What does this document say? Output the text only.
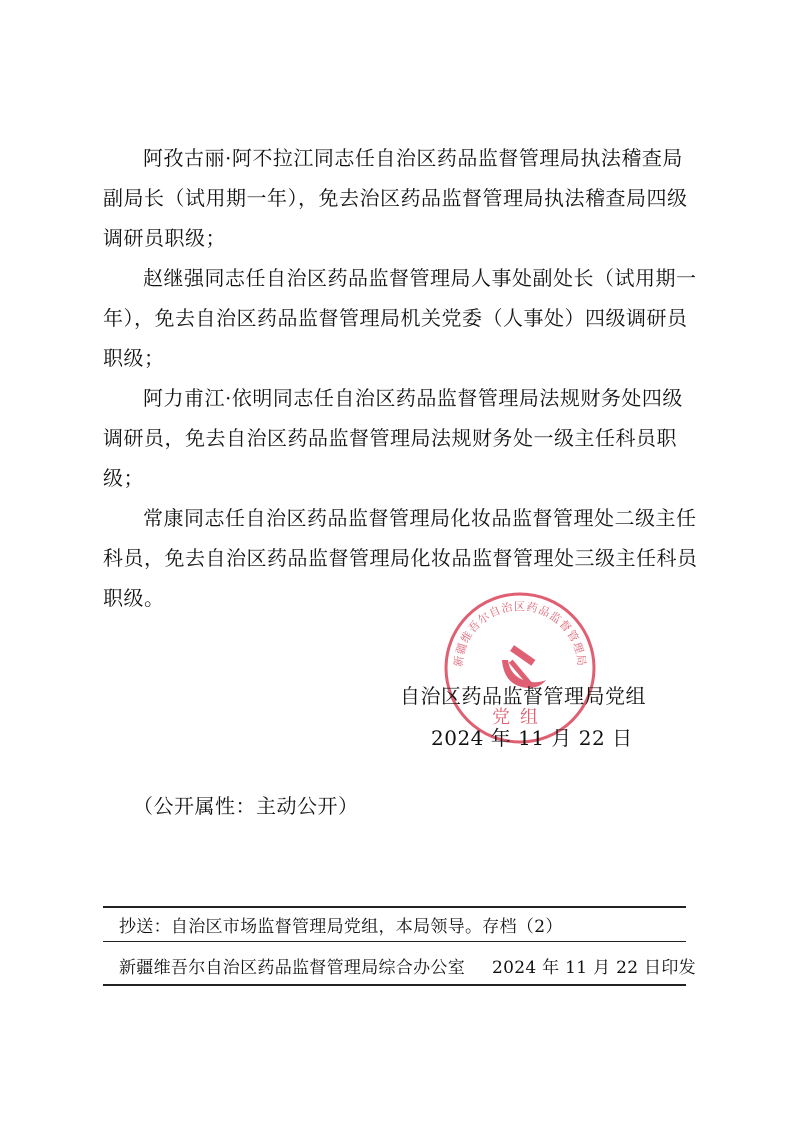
阿孜古丽·阿不拉江同志任自治区药品监督管理局执法稽查局副局长（试用期一年），免去治区药品监督管理局执法稽查局四级调研员职级；

赵继强同志任自治区药品监督管理局人事处副处长（试用期一年），免去自治区药品监督管理局机关党委（人事处）四级调研员职级；

阿力甫江·依明同志任自治区药品监督管理局法规财务处四级调研员，免去自治区药品监督管理局法规财务处一级主任科员职级；

常康同志任自治区药品监督管理局化妆品监督管理处二级主任科员，免去自治区药品监督管理局化妆品监督管理处三级主任科员职级。

新疆维吾尔自治区药品监督管理局
党组
自治区药品监督管理局党组
2024 年 11 月 22 日
（公开属性：主动公开）
抄送：自治区市场监督管理局党组，本局领导。存档（2）
新疆维吾尔自治区药品监督管理局综合办公室 2024 年 11 月 22 日印发
